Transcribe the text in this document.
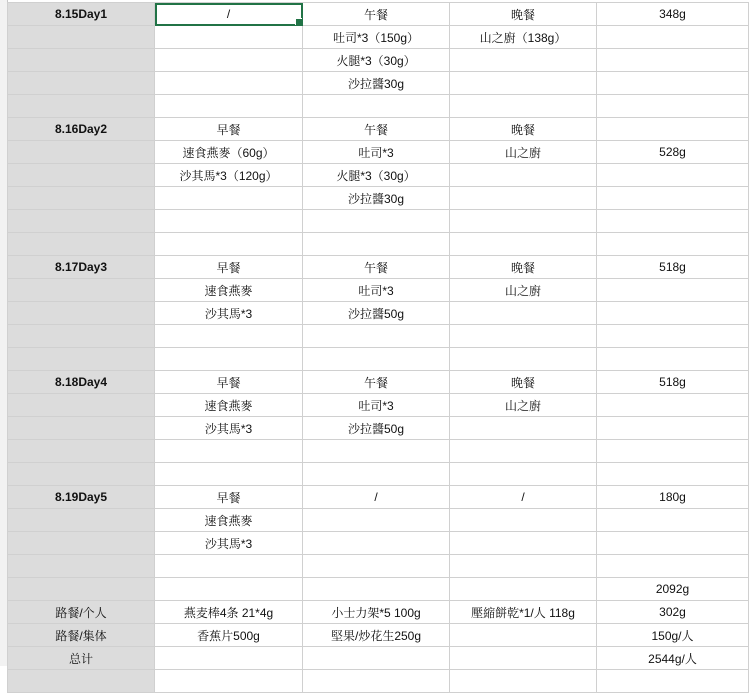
8.15Day1	/	午餐	晚餐	348g
		吐司*3（150g）	山之廚（138g）	
		火腿*3（30g）		
		沙拉醬30g		

8.16Day2	早餐	午餐	晚餐	
	速食燕麥（60g）	吐司*3	山之廚	528g
	沙其馬*3（120g）	火腿*3（30g）		
		沙拉醬30g		

8.17Day3	早餐	午餐	晚餐	518g
	速食燕麥	吐司*3	山之廚	
	沙其馬*3	沙拉醬50g		

8.18Day4	早餐	午餐	晚餐	518g
	速食燕麥	吐司*3	山之廚	
	沙其馬*3	沙拉醬50g		

8.19Day5	早餐	/	/	180g
	速食燕麥			
	沙其馬*3			

				2092g
路餐/个人	燕麦棒4条 21*4g	小士力架*5 100g	壓縮餅乾*1/人 118g	302g
路餐/集体	香蕉片500g	堅果/炒花生250g		150g/人
总计				2544g/人
